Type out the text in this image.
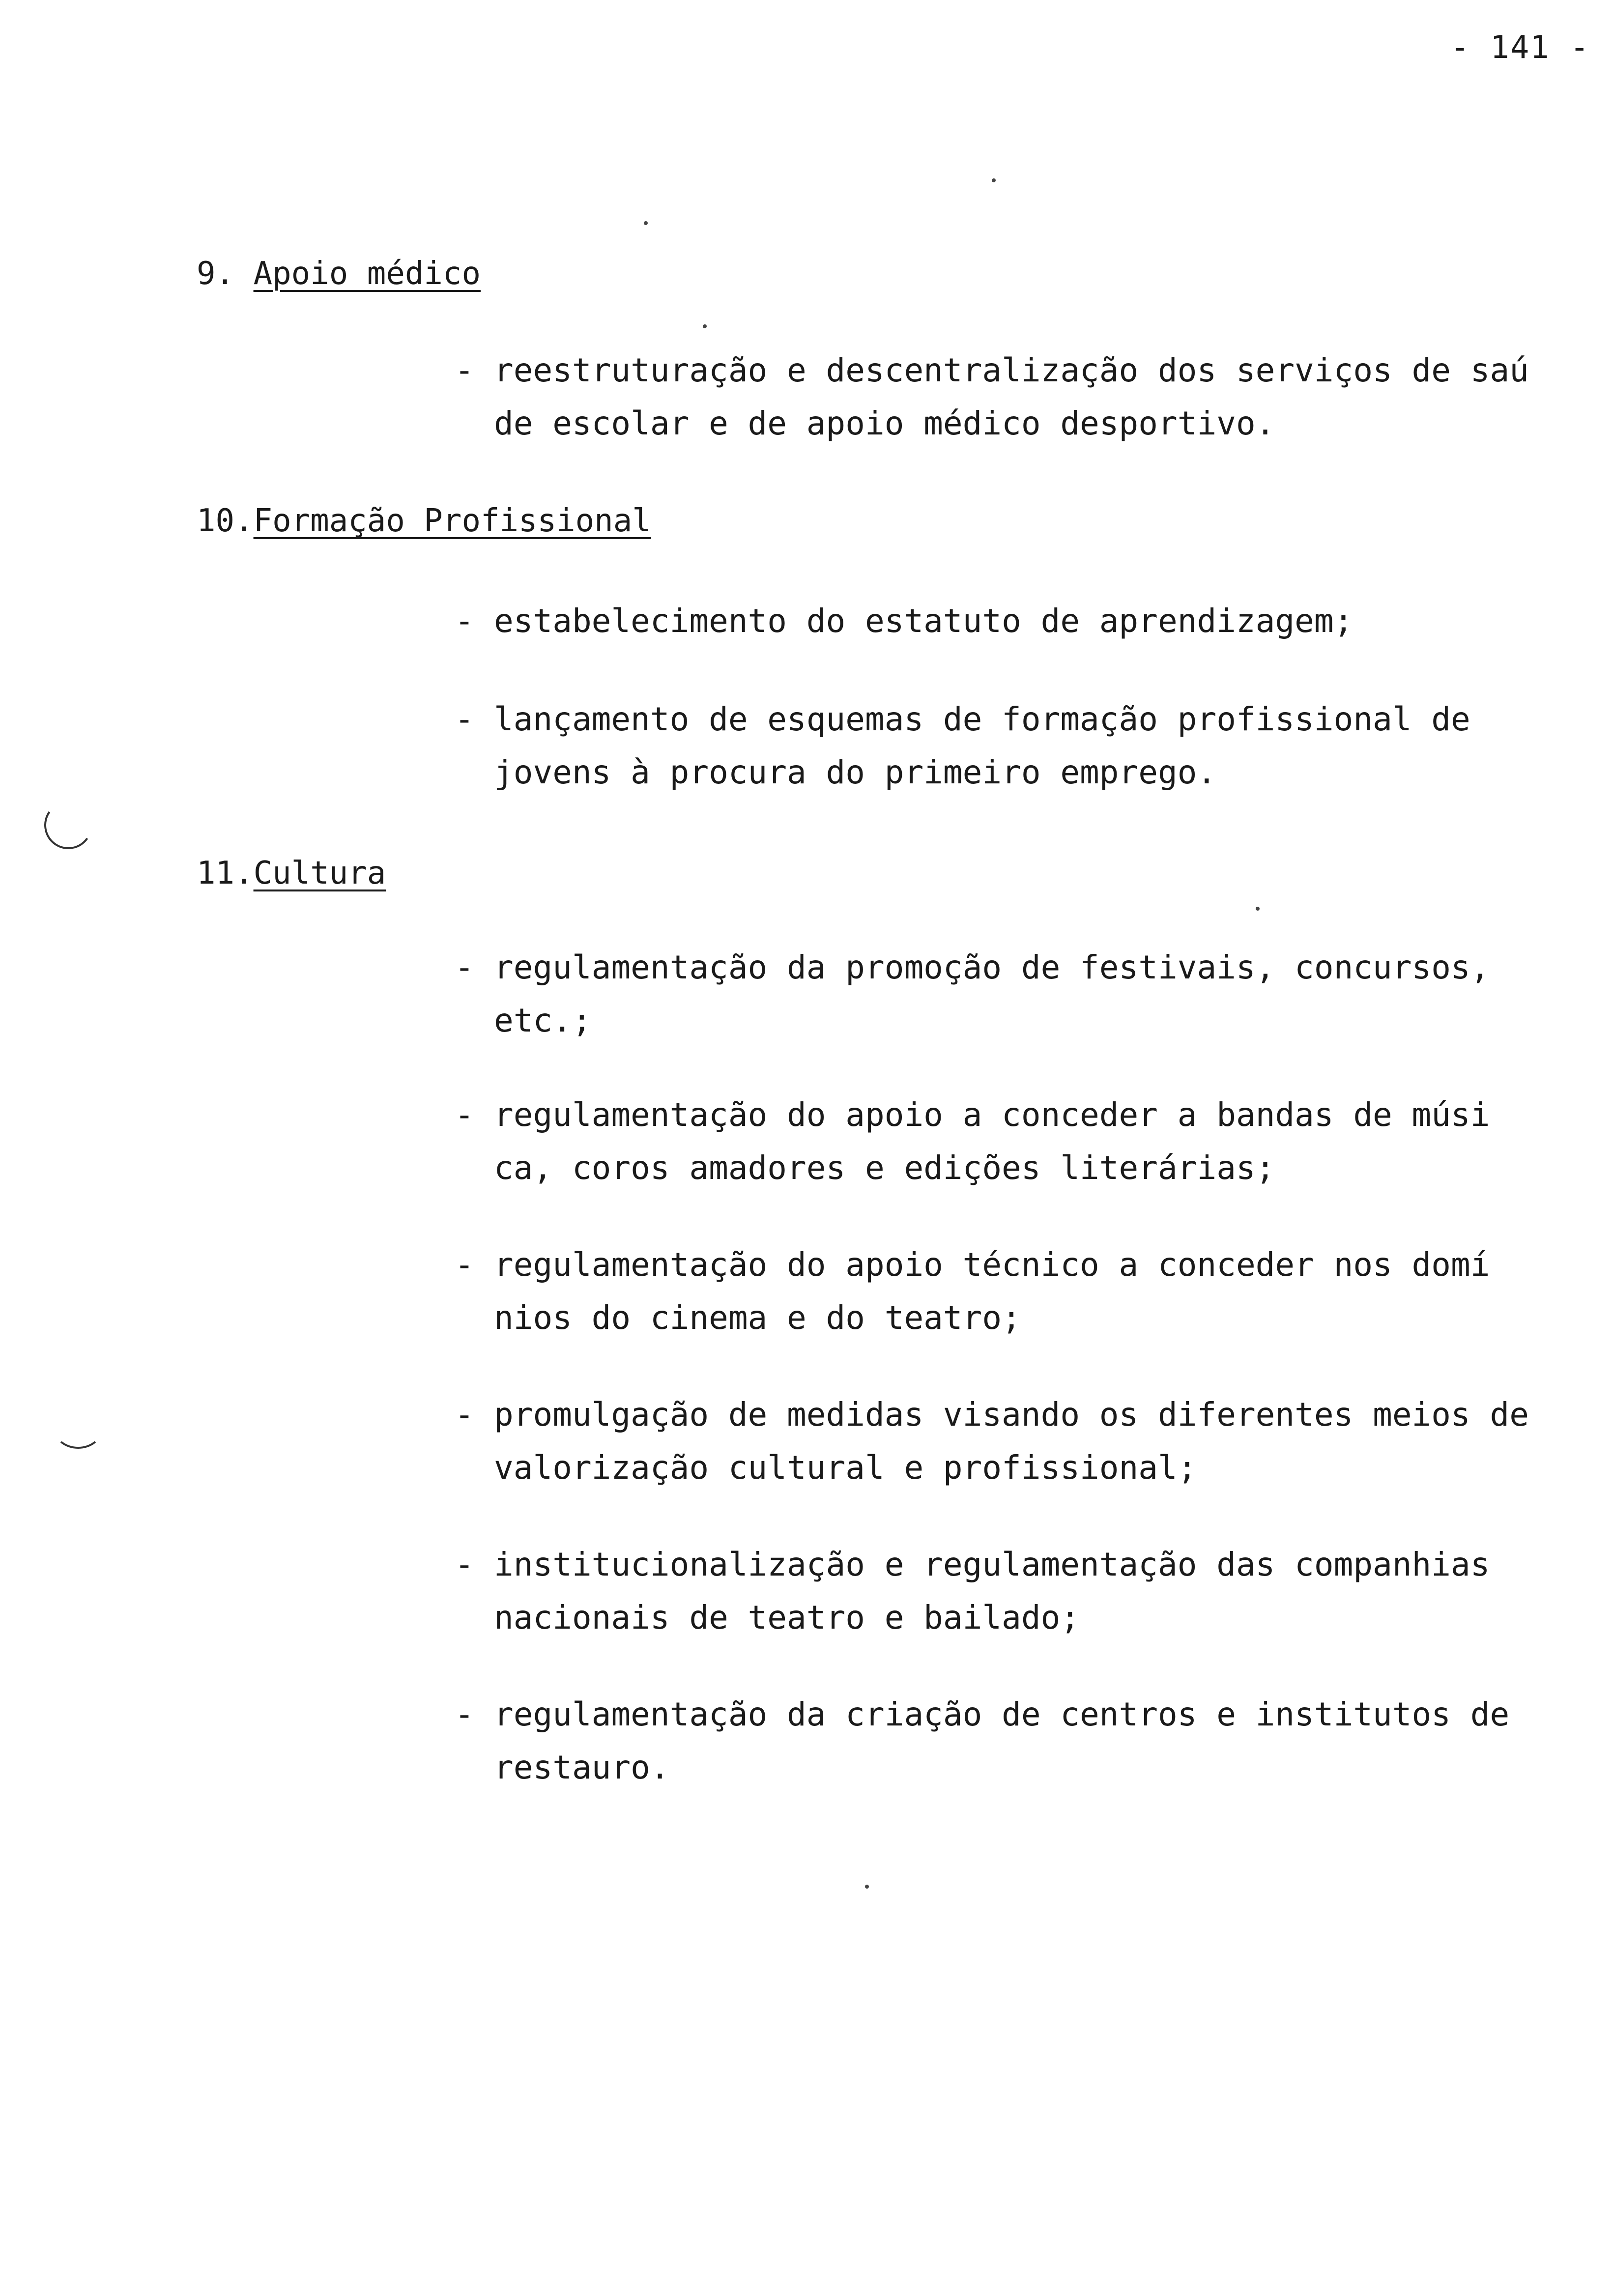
- 141 -
9. Apoio médico
- reestruturação e descentralização dos serviços de saú de escolar e de apoio médico desportivo.
10.Formação Profissional
- estabelecimento do estatuto de aprendizagem;
- lançamento de esquemas de formação profissional de jovens à procura do primeiro emprego.
11.Cultura
- regulamentação da promoção de festivais, concursos, etc.;
- regulamentação do apoio a conceder a bandas de músi ca, coros amadores e edições literárias;
- regulamentação do apoio técnico a conceder nos domí nios do cinema e do teatro;
- promulgação de medidas visando os diferentes meios de valorização cultural e profissional;
- institucionalização e regulamentação das companhias nacionais de teatro e bailado;
- regulamentação da criação de centros e institutos de restauro.
